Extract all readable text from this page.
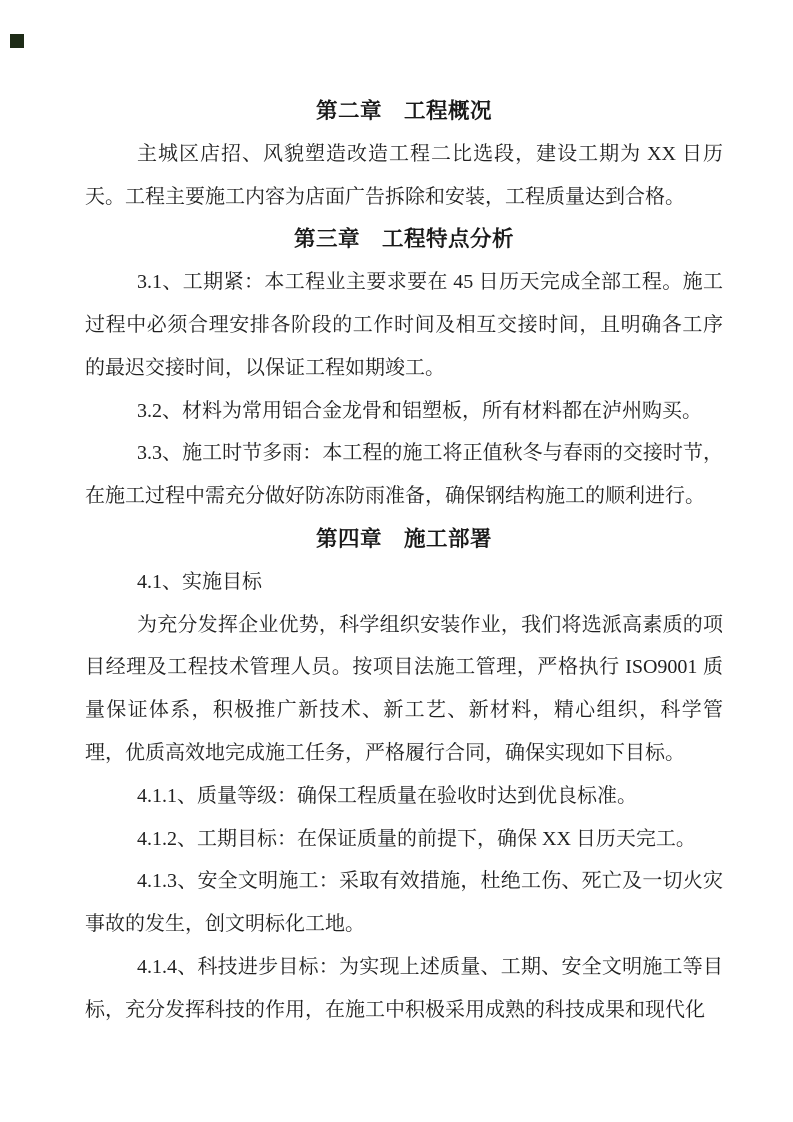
第二章　工程概况

主城区店招、风貌塑造改造工程二比选段，建设工期为 XX 日历天。工程主要施工内容为店面广告拆除和安装，工程质量达到合格。

第三章　工程特点分析

3.1、工期紧：本工程业主要求要在 45 日历天完成全部工程。施工过程中必须合理安排各阶段的工作时间及相互交接时间，且明确各工序的最迟交接时间，以保证工程如期竣工。

3.2、材料为常用铝合金龙骨和铝塑板，所有材料都在泸州购买。

3.3、施工时节多雨：本工程的施工将正值秋冬与春雨的交接时节，在施工过程中需充分做好防冻防雨准备，确保钢结构施工的顺利进行。

第四章　施工部署

4.1、实施目标

为充分发挥企业优势，科学组织安装作业，我们将选派高素质的项目经理及工程技术管理人员。按项目法施工管理，严格执行 ISO9001 质量保证体系，积极推广新技术、新工艺、新材料，精心组织，科学管理，优质高效地完成施工任务，严格履行合同，确保实现如下目标。

4.1.1、质量等级：确保工程质量在验收时达到优良标准。

4.1.2、工期目标：在保证质量的前提下，确保 XX 日历天完工。

4.1.3、安全文明施工：采取有效措施，杜绝工伤、死亡及一切火灾事故的发生，创文明标化工地。

4.1.4、科技进步目标：为实现上述质量、工期、安全文明施工等目标，充分发挥科技的作用，在施工中积极采用成熟的科技成果和现代化
